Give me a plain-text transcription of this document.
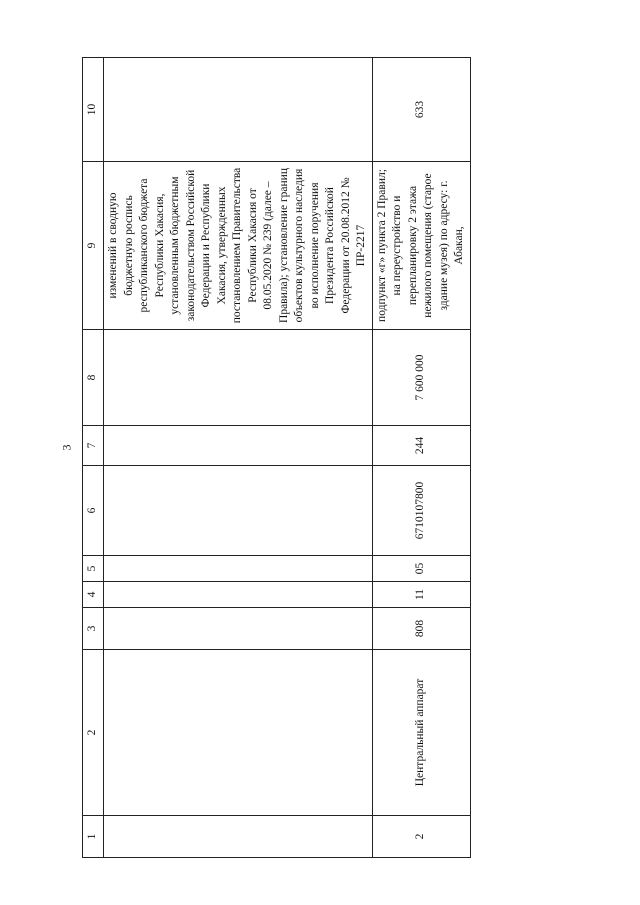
3
1	2	3	4	5	6	7	8	9	10
								изменений в сводную бюджетную роспись республиканского бюджета Республики Хакасия, установленным бюджетным законодательством Российской Федерации и Республики Хакасия, утвержденных постановлением Правительства Республики Хакасия от 08.05.2020 № 239 (далее – Правила); установление границ объектов культурного наследия во исполнение поручения Президента Российской Федерации от 20.08.2012 № ПР-2217	
2	Центральный аппарат	808	11	05	6710107800	244	7 600 000	подпункт «г» пункта 2 Правил; на переустройство и перепланировку 2 этажа нежилого помещения (старое здание музея) по адресу: г. Абакан,	633
